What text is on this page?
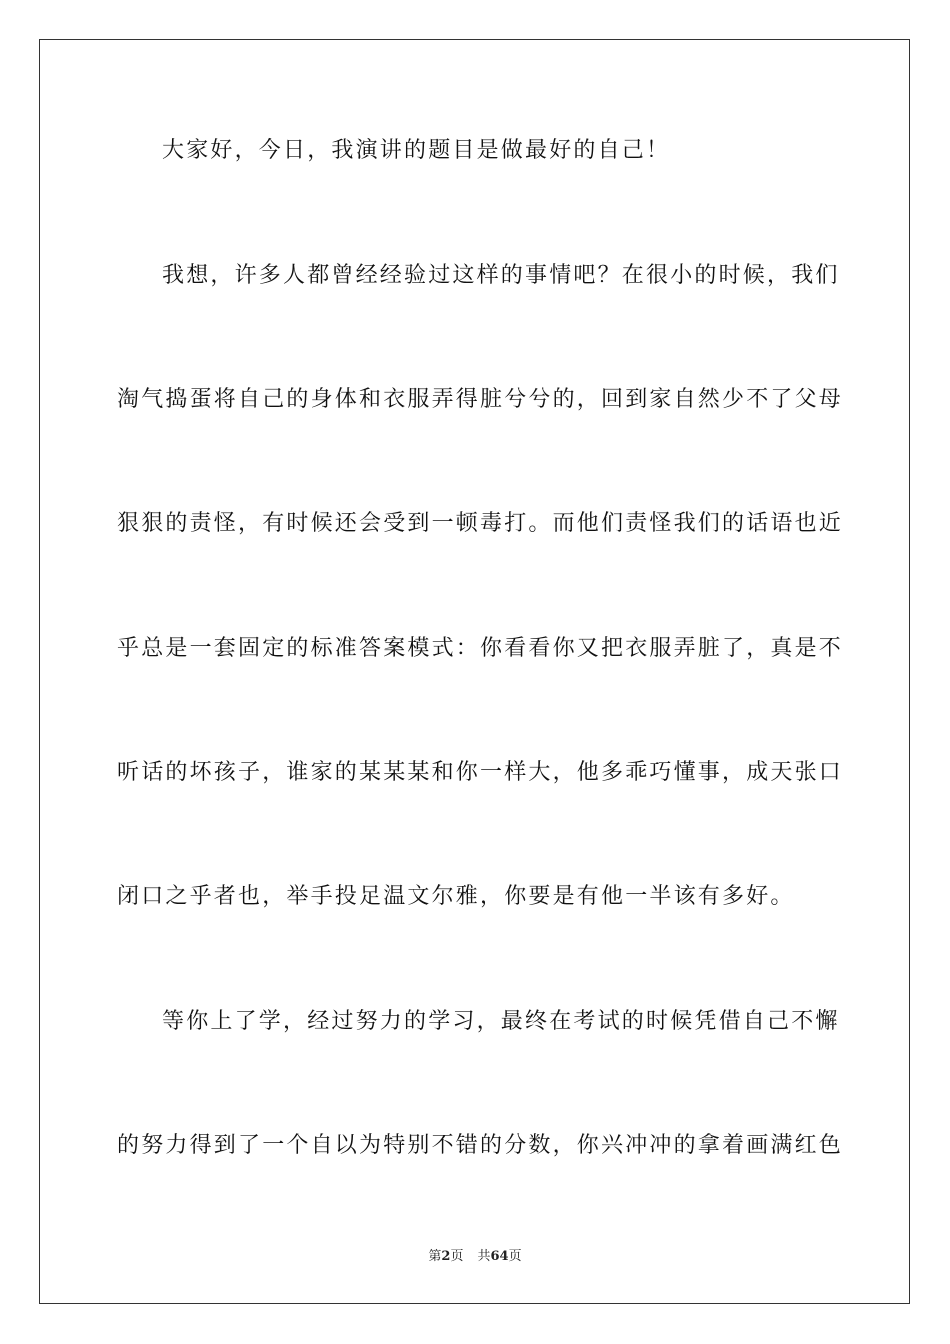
大家好，今日，我演讲的题目是做最好的自己！
我想，许多人都曾经经验过这样的事情吧？在很小的时候，我们
淘气捣蛋将自己的身体和衣服弄得脏兮兮的，回到家自然少不了父母
狠狠的责怪，有时候还会受到一顿毒打。而他们责怪我们的话语也近
乎总是一套固定的标准答案模式：你看看你又把衣服弄脏了，真是不
听话的坏孩子，谁家的某某某和你一样大，他多乖巧懂事，成天张口
闭口之乎者也，举手投足温文尔雅，你要是有他一半该有多好。
等你上了学，经过努力的学习，最终在考试的时候凭借自己不懈
的努力得到了一个自以为特别不错的分数，你兴冲冲的拿着画满红色
第2页 共64页
